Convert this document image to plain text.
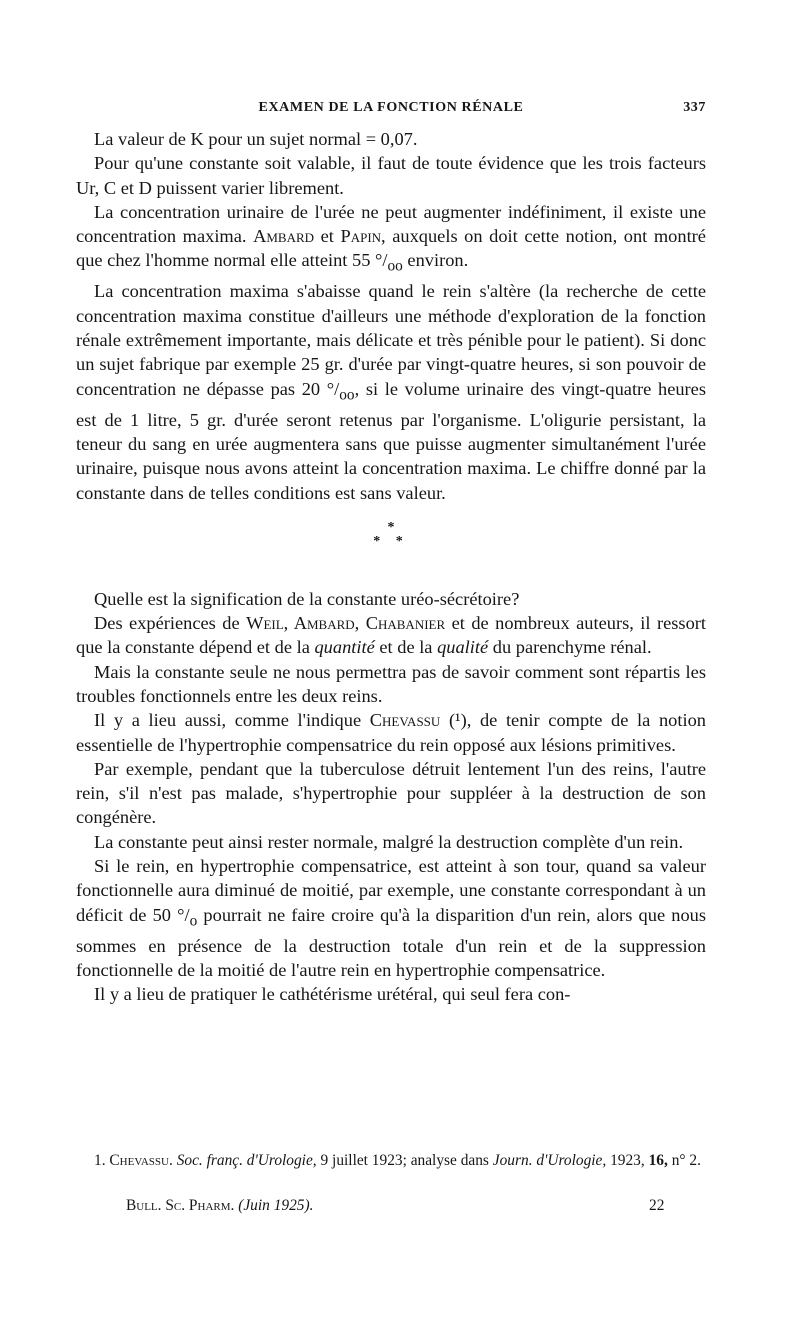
EXAMEN DE LA FONCTION RÉNALE	337

La valeur de K pour un sujet normal = 0,07.

Pour qu'une constante soit valable, il faut de toute évidence que les trois facteurs Ur, C et D puissent varier librement.

La concentration urinaire de l'urée ne peut augmenter indéfiniment, il existe une concentration maxima. Ambard et Papin, auxquels on doit cette notion, ont montré que chez l'homme normal elle atteint 55 $^\circ/_{oo}$ environ.

La concentration maxima s'abaisse quand le rein s'altère (la recherche de cette concentration maxima constitue d'ailleurs une méthode d'exploration de la fonction rénale extrêmement importante, mais délicate et très pénible pour le patient). Si donc un sujet fabrique par exemple 25 gr. d'urée par vingt-quatre heures, si son pouvoir de concentration ne dépasse pas 20 $^\circ/_{oo}$, si le volume urinaire des vingt-quatre heures est de 1 litre, 5 gr. d'urée seront retenus par l'organisme. L'oligurie persistant, la teneur du sang en urée augmentera sans que puisse augmenter simultanément l'urée urinaire, puisque nous avons atteint la concentration maxima. Le chiffre donné par la constante dans de telles conditions est sans valeur.

*
* *

Quelle est la signification de la constante uréo-sécrétoire?

Des expériences de Weil, Ambard, Chabanier et de nombreux auteurs, il ressort que la constante dépend et de la quantité et de la qualité du parenchyme rénal.

Mais la constante seule ne nous permettra pas de savoir comment sont répartis les troubles fonctionnels entre les deux reins.

Il y a lieu aussi, comme l'indique Chevassu (¹), de tenir compte de la notion essentielle de l'hypertrophie compensatrice du rein opposé aux lésions primitives.

Par exemple, pendant que la tuberculose détruit lentement l'un des reins, l'autre rein, s'il n'est pas malade, s'hypertrophie pour suppléer à la destruction de son congénère.

La constante peut ainsi rester normale, malgré la destruction complète d'un rein.

Si le rein, en hypertrophie compensatrice, est atteint à son tour, quand sa valeur fonctionnelle aura diminué de moitié, par exemple, une constante correspondant à un déficit de 50 $^\circ/_o$ pourrait ne faire croire qu'à la disparition d'un rein, alors que nous sommes en présence de la destruction totale d'un rein et de la suppression fonctionnelle de la moitié de l'autre rein en hypertrophie compensatrice.

Il y a lieu de pratiquer le cathétérisme urétéral, qui seul fera con-

1. Chevassu. Soc. franç. d'Urologie, 9 juillet 1923; analyse dans Journ. d'Urologie, 1923, 16, n° 2.

Bull. Sc. Pharm. (Juin 1925).	22
